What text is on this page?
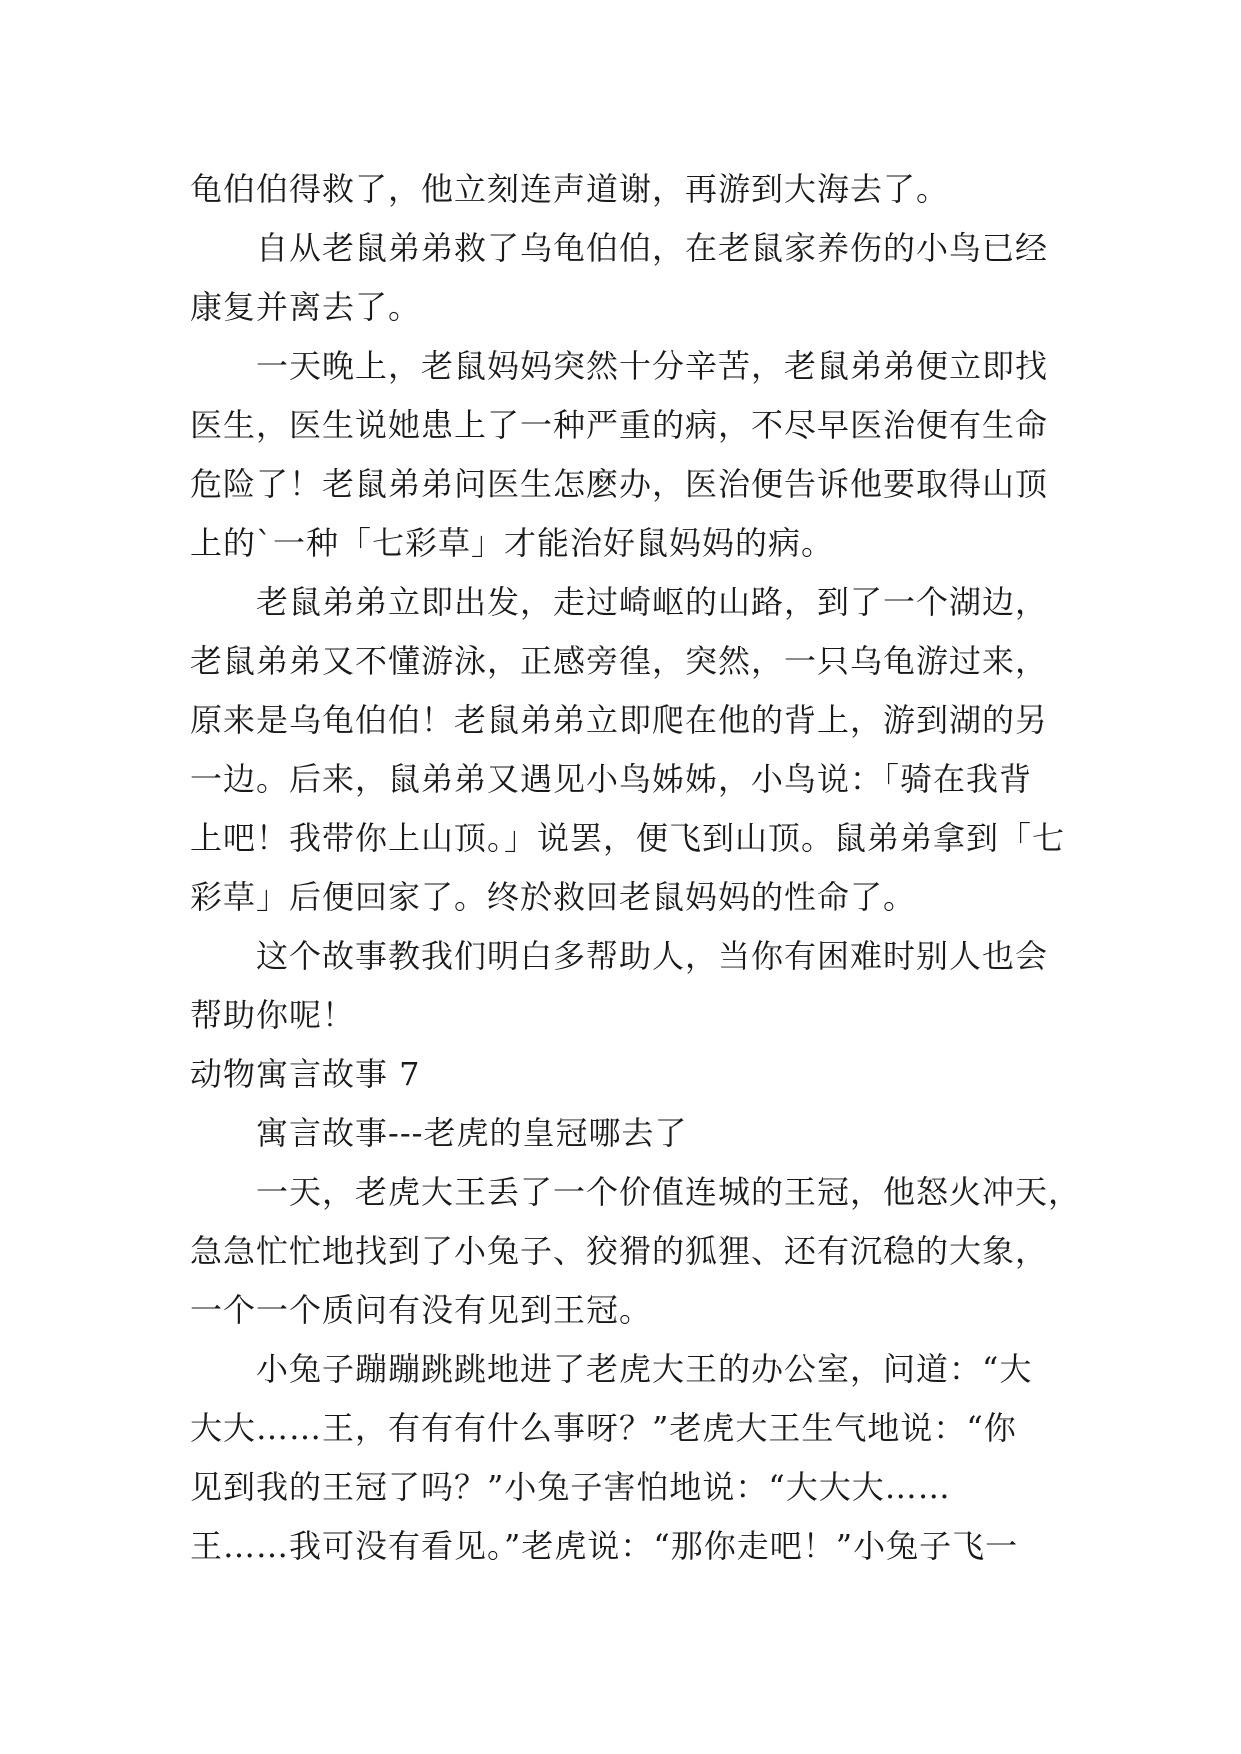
龟伯伯得救了，他立刻连声道谢，再游到大海去了。
　　自从老鼠弟弟救了乌龟伯伯，在老鼠家养伤的小鸟已经
康复并离去了。
　　一天晚上，老鼠妈妈突然十分辛苦，老鼠弟弟便立即找
医生，医生说她患上了一种严重的病，不尽早医治便有生命
危险了！老鼠弟弟问医生怎麽办，医治便告诉他要取得山顶
上的`一种「七彩草」才能治好鼠妈妈的病。
　　老鼠弟弟立即出发，走过崎岖的山路，到了一个湖边，
老鼠弟弟又不懂游泳，正感旁徨，突然，一只乌龟游过来，
原来是乌龟伯伯！老鼠弟弟立即爬在他的背上，游到湖的另
一边。后来，鼠弟弟又遇见小鸟姊姊，小鸟说：「骑在我背
上吧！我带你上山顶。」说罢，便飞到山顶。鼠弟弟拿到「七
彩草」后便回家了。终於救回老鼠妈妈的性命了。
　　这个故事教我们明白多帮助人，当你有困难时别人也会
帮助你呢！
动物寓言故事 7
　　寓言故事---老虎的皇冠哪去了
　　一天，老虎大王丢了一个价值连城的王冠，他怒火冲天，
急急忙忙地找到了小兔子、狡猾的狐狸、还有沉稳的大象，
一个一个质问有没有见到王冠。
　　小兔子蹦蹦跳跳地进了老虎大王的办公室，问道：“大
大大……王，有有有什么事呀？”老虎大王生气地说：“你
见到我的王冠了吗？”小兔子害怕地说：“大大大……
王……我可没有看见。”老虎说：“那你走吧！”小兔子飞一
